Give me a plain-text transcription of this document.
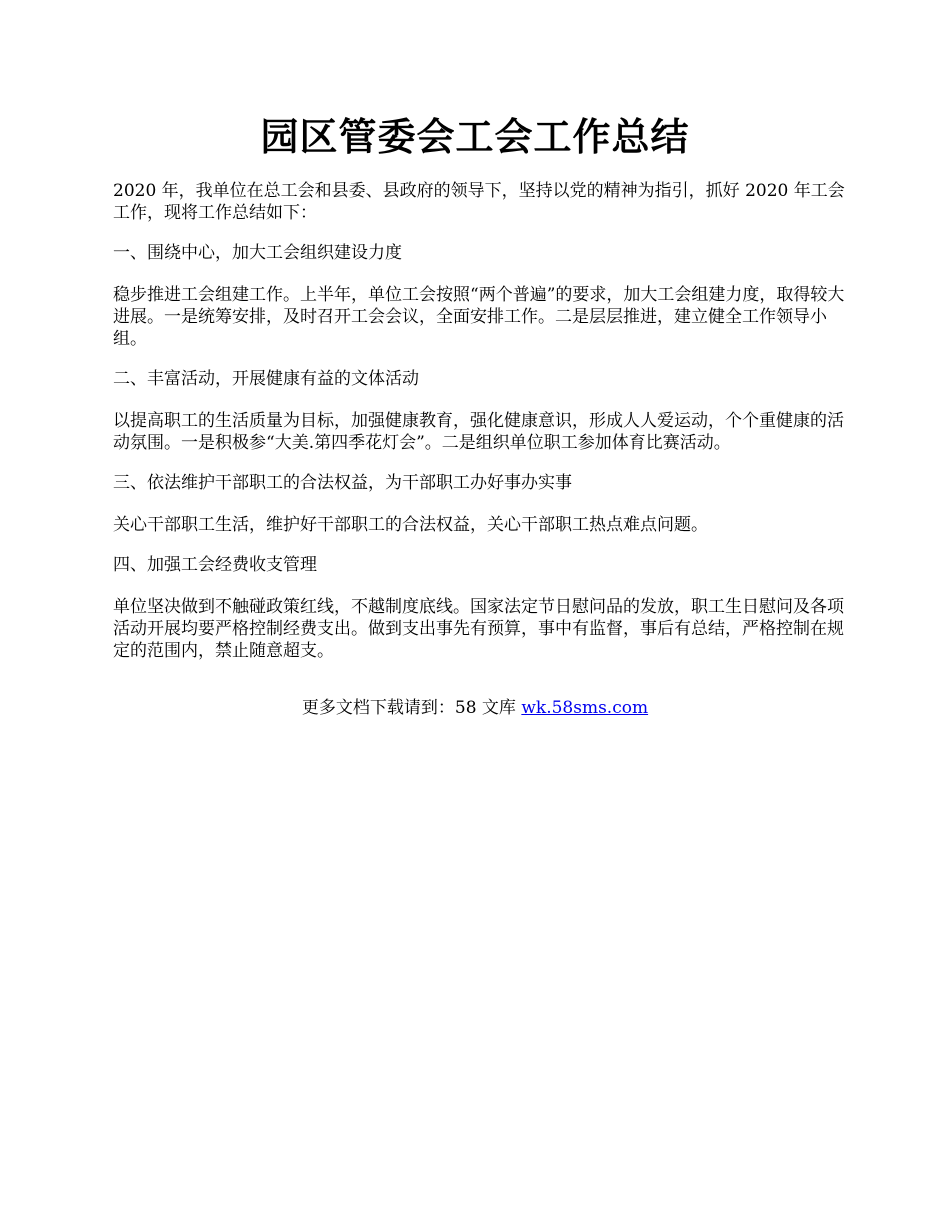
园区管委会工会工作总结

2020 年，我单位在总工会和县委、县政府的领导下，坚持以党的精神为指引，抓好 2020 年工会工作，现将工作总结如下：

一、围绕中心，加大工会组织建设力度

稳步推进工会组建工作。上半年，单位工会按照“两个普遍”的要求，加大工会组建力度，取得较大进展。一是统筹安排，及时召开工会会议，全面安排工作。二是层层推进，建立健全工作领导小组。

二、丰富活动，开展健康有益的文体活动

以提高职工的生活质量为目标，加强健康教育，强化健康意识，形成人人爱运动，个个重健康的活动氛围。一是积极参“大美.第四季花灯会”。二是组织单位职工参加体育比赛活动。

三、依法维护干部职工的合法权益，为干部职工办好事办实事

关心干部职工生活，维护好干部职工的合法权益，关心干部职工热点难点问题。

四、加强工会经费收支管理

单位坚决做到不触碰政策红线，不越制度底线。国家法定节日慰问品的发放，职工生日慰问及各项活动开展均要严格控制经费支出。做到支出事先有预算，事中有监督，事后有总结，严格控制在规定的范围内，禁止随意超支。

更多文档下载请到：58 文库 wk.58sms.com
